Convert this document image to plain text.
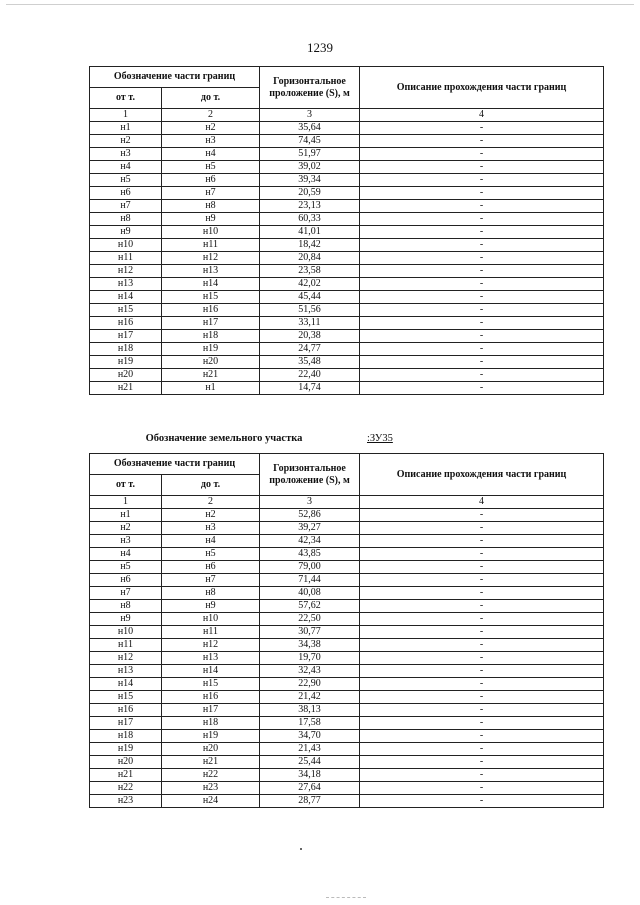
1239
Обозначение части границ		Горизонтальное проложение (S), м	Описание прохождения части границ
от т.	до т.		
1	2	3	4
н1	н2	35,64	-
н2	н3	74,45	-
н3	н4	51,97	-
н4	н5	39,02	-
н5	н6	39,34	-
н6	н7	20,59	-
н7	н8	23,13	-
н8	н9	60,33	-
н9	н10	41,01	-
н10	н11	18,42	-
н11	н12	20,84	-
н12	н13	23,58	-
н13	н14	42,02	-
н14	н15	45,44	-
н15	н16	51,56	-
н16	н17	33,11	-
н17	н18	20,38	-
н18	н19	24,77	-
н19	н20	35,48	-
н20	н21	22,40	-
н21	н1	14,74	-
Обозначение земельного участка	:ЗУ35
Обозначение части границ		Горизонтальное проложение (S), м	Описание прохождения части границ
от т.	до т.		
1	2	3	4
н1	н2	52,86	-
н2	н3	39,27	-
н3	н4	42,34	-
н4	н5	43,85	-
н5	н6	79,00	-
н6	н7	71,44	-
н7	н8	40,08	-
н8	н9	57,62	-
н9	н10	22,50	-
н10	н11	30,77	-
н11	н12	34,38	-
н12	н13	19,70	-
н13	н14	32,43	-
н14	н15	22,90	-
н15	н16	21,42	-
н16	н17	38,13	-
н17	н18	17,58	-
н18	н19	34,70	-
н19	н20	21,43	-
н20	н21	25,44	-
н21	н22	34,18	-
н22	н23	27,64	-
н23	н24	28,77	-
